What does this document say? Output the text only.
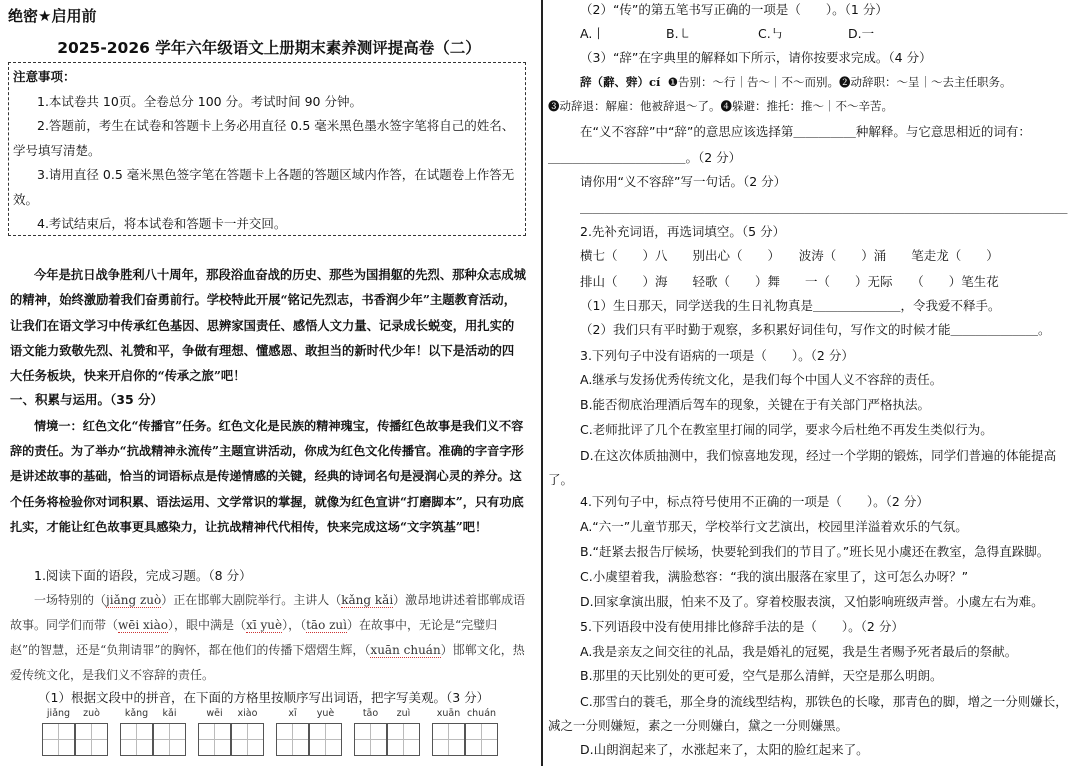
绝密★启用前
2025-2026 学年六年级语文上册期末素养测评提高卷（二）

注意事项：

1.本试卷共 10页。全卷总分 100 分。考试时间 90 分钟。

2.答题前，考生在试卷和答题卡上务必用直径 0.5 毫米黑色墨水签字笔将自己的姓名、学号填写清楚。

3.请用直径 0.5 毫米黑色签字笔在答题卡上各题的答题区域内作答，在试题卷上作答无效。

4.考试结束后，将本试卷和答题卡一并交回。

今年是抗日战争胜利八十周年，那段浴血奋战的历史、那些为国捐躯的先烈、那种众志成城的精神，始终激励着我们奋勇前行。学校特此开展“铭记先烈志，书香润少年”主题教育活动，让我们在语文学习中传承红色基因、思辨家国责任、感悟人文力量、记录成长蜕变，用扎实的语文能力致敬先烈、礼赞和平，争做有理想、懂感恩、敢担当的新时代少年！以下是活动的四大任务板块，快来开启你的“传承之旅”吧！
一、积累与运用。（35 分）
情境一：红色文化“传播官”任务。红色文化是民族的精神瑰宝，传播红色故事是我们义不容辞的责任。为了举办“抗战精神永流传”主题宣讲活动，你成为红色文化传播官。准确的字音字形是讲述故事的基础，恰当的词语标点是传递情感的关键，经典的诗词名句是浸润心灵的养分。这个任务将检验你对词积累、语法运用、文学常识的掌握，就像为红色宣讲“打磨脚本”，只有功底扎实，才能让红色故事更具感染力，让抗战精神代代相传，快来完成这场“文字筑基”吧！
1.阅读下面的语段，完成习题。（8 分）
一场特别的（jiǎng zuò）正在邯郸大剧院举行。主讲人（kǎng kǎi）激昂地讲述着邯郸成语故事。同学们而带（wēi xiào），眼中满是（xī yuè），（tāo zuì）在故事中，无论是“完璧归赵”的智慧，还是“负荆请罪”的胸怀，都在他们的传播下熠熠生辉，（xuān chuán）邯郸文化，热爱传统文化，是我们义不容辞的责任。
（1）根据文段中的拼音，在下面的方格里按顺序写出词语，把字写美观。（3 分）
jiǎng	zuò	kǎng	kǎi	wēi	xiào	xī	yuè	tāo	zuì	xuān chuán
（2）“传”的第五笔书写正确的一项是（　　）。（1 分）
A.丨	B.㇄	C.㇉	D.一
（3）“辞”在字典里的解释如下所示，请你按要求完成。（4 分）
辞（辭、辤）cí ❶告别：～行｜告～｜不～而别。❷动辞职：～呈｜～去主任职务。
❸动辞退：解雇：他被辞退～了。❹躲避：推托：推～｜不～辛苦。
在“义不容辞”中“辞”的意思应该选择第＿＿＿＿＿种解释。与它意思相近的词有：
＿＿＿＿＿＿＿＿＿＿＿。（2 分）
请你用“义不容辞”写一句话。（2 分）
＿＿＿＿＿＿＿＿＿＿＿＿＿＿＿＿＿＿＿＿＿＿＿＿＿＿＿＿＿＿＿＿＿＿＿＿＿＿＿
2.先补充词语，再选词填空。（5 分）
横七（　　）八　　别出心（　　）　　波涛（　　）涌　　笔走龙（　　）
排山（　　）海　　轻歌（　　）舞　　一（　　）无际　　（　　）笔生花
（1）生日那天，同学送我的生日礼物真是＿＿＿＿＿＿＿，令我爱不释手。
（2）我们只有平时勤于观察，多积累好词佳句，写作文的时候才能＿＿＿＿＿＿＿。
3.下列句子中没有语病的一项是（　　）。（2 分）
A.继承与发扬优秀传统文化，是我们每个中国人义不容辞的责任。
B.能否彻底治理酒后驾车的现象，关键在于有关部门严格执法。
C.老师批评了几个在教室里打闹的同学，要求今后杜绝不再发生类似行为。
D.在这次体质抽测中，我们惊喜地发现，经过一个学期的锻炼，同学们普遍的体能提高了。
4.下列句子中，标点符号使用不正确的一项是（　　）。（2 分）
A.“六一”儿童节那天，学校举行文艺演出，校园里洋溢着欢乐的气氛。
B.“赶紧去报告厅候场，快要轮到我们的节目了。”班长见小虞还在教室，急得直跺脚。
C.小虞望着我，满脸愁容：“我的演出服落在家里了，这可怎么办呀？”
D.回家拿演出服，怕来不及了。穿着校服表演，又怕影响班级声誉。小虞左右为难。
5.下列语段中没有使用排比修辞手法的是（　　）。（2 分）
A.我是亲友之间交往的礼品，我是婚礼的冠冕，我是生者赐予死者最后的祭献。
B.那里的天比别处的更可爱，空气是那么清鲜，天空是那么明朗。
C.那雪白的蓑毛，那全身的流线型结构，那铁色的长喙，那青色的脚，增之一分则嫌长，减之一分则嫌短，素之一分则嫌白，黛之一分则嫌黑。
D.山朗润起来了，水涨起来了，太阳的脸红起来了。
